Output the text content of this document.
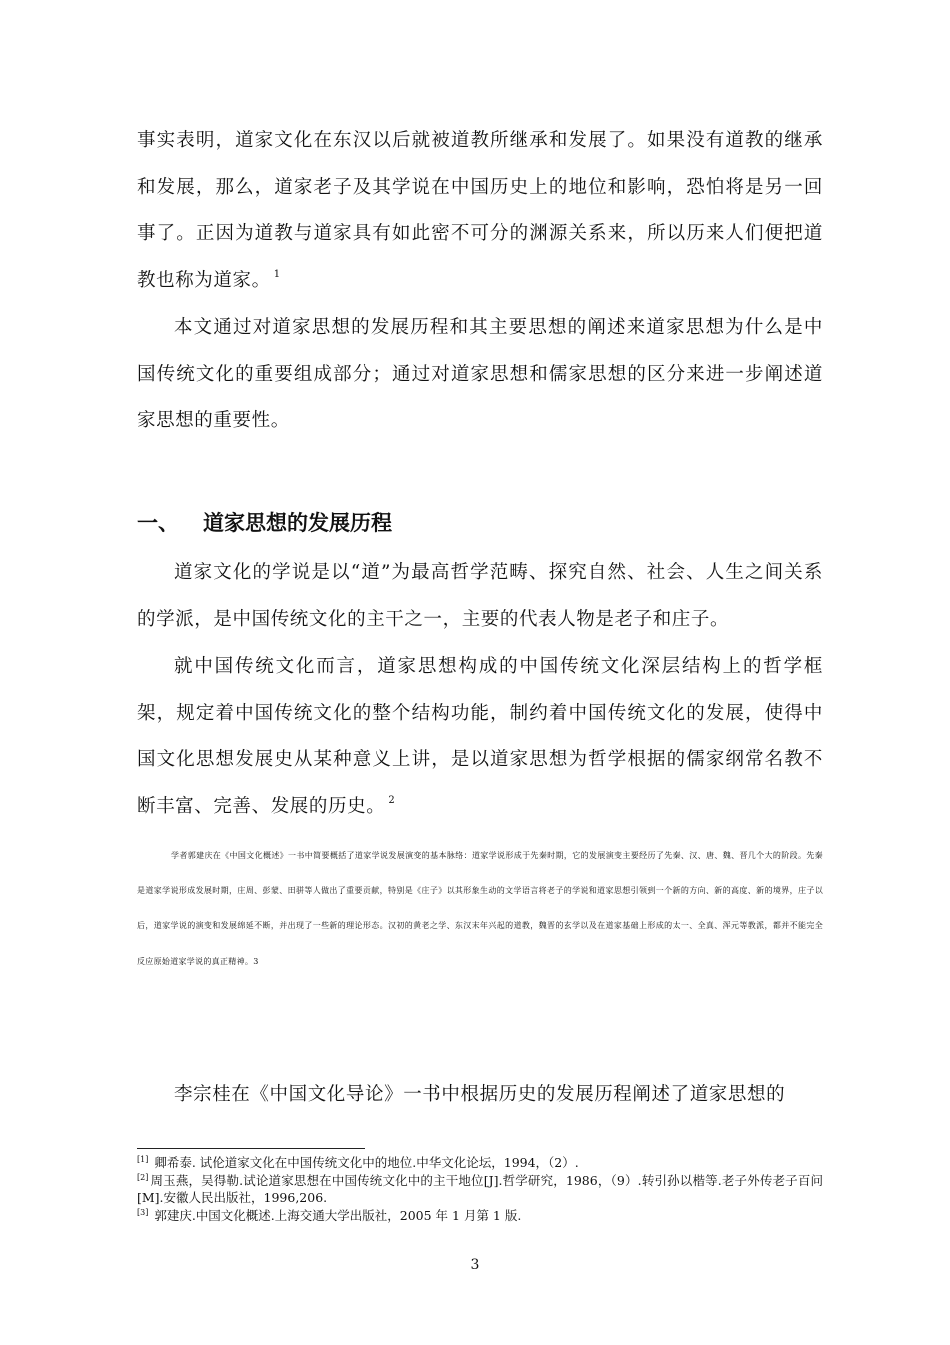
事实表明，道家文化在东汉以后就被道教所继承和发展了。如果没有道教的继承和发展，那么，道家老子及其学说在中国历史上的地位和影响，恐怕将是另一回事了。正因为道教与道家具有如此密不可分的渊源关系来，所以历来人们便把道教也称为道家。 $^1$

本文通过对道家思想的发展历程和其主要思想的阐述来道家思想为什么是中国传统文化的重要组成部分；通过对道家思想和儒家思想的区分来进一步阐述道家思想的重要性。

一、 道家思想的发展历程

道家文化的学说是以“道”为最高哲学范畴、探究自然、社会、人生之间关系的学派，是中国传统文化的主干之一，主要的代表人物是老子和庄子。

就中国传统文化而言，道家思想构成的中国传统文化深层结构上的哲学框架，规定着中国传统文化的整个结构功能，制约着中国传统文化的发展，使得中国文化思想发展史从某种意义上讲，是以道家思想为哲学根据的儒家纲常名教不断丰富、完善、发展的历史。 $^2$

学者郭建庆在《中国文化概述》一书中简要概括了道家学说发展演变的基本脉络：道家学说形成于先秦时期，它的发展演变主要经历了先秦、汉、唐、魏、晋几个大的阶段。先秦是道家学说形成发展时期，庄周、彭蒙、田骈等人做出了重要贡献，特别是《庄子》以其形象生动的文学语言将老子的学说和道家思想引领到一个新的方向、新的高度、新的境界，庄子以后，道家学说的演变和发展绵延不断，并出现了一些新的理论形态。汉初的黄老之学、东汉末年兴起的道教，魏晋的玄学以及在道家基础上形成的太一、全真、浑元等教派，都并不能完全反应原始道家学说的真正精神。3

李宗桂在《中国文化导论》一书中根据历史的发展历程阐述了道家思想的

[1] 卿希泰. 试伦道家文化在中国传统文化中的地位.中华文化论坛，1994，（2）.

[2] 周玉燕，吴得勒.试论道家思想在中国传统文化中的主干地位[J].哲学研究，1986，（9）.转引孙以楷等.老子外传老子百问[M].安徽人民出版社，1996,206.

[3] 郭建庆.中国文化概述.上海交通大学出版社，2005 年 1 月第 1 版.

3
